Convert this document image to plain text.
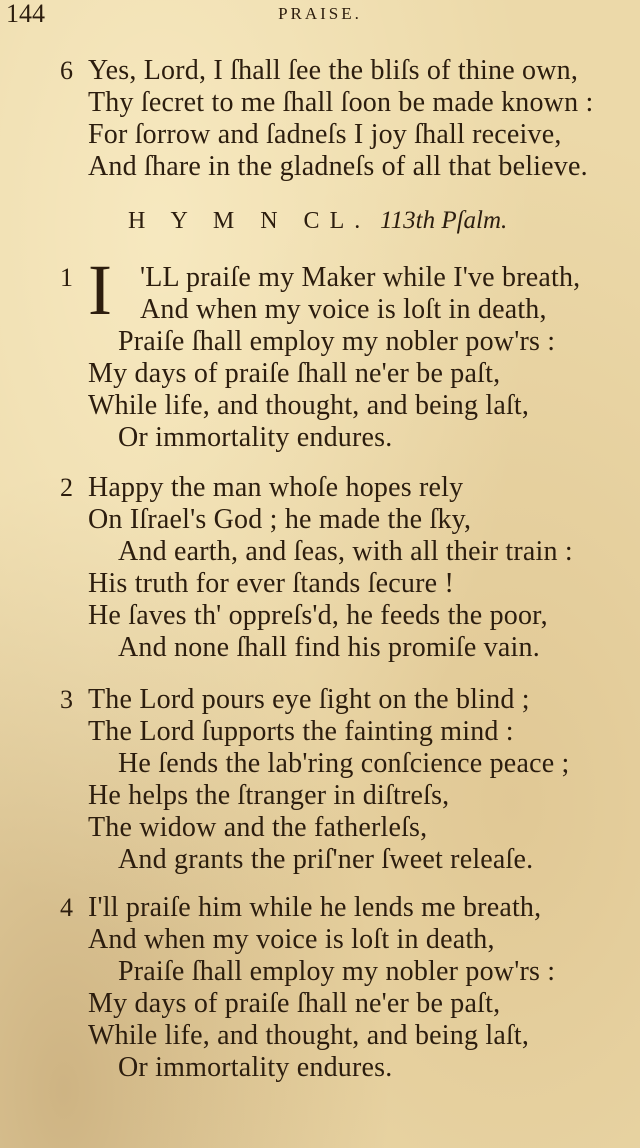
144	PRAISE.
6 Yes, Lord, I ſhall ſee the bliſs of thine own,
Thy ſecret to me ſhall ſoon be made known :
For ſorrow and ſadneſs I joy ſhall receive,
And ſhare in the gladneſs of all that believe.
H Y M N CL. 113th Pſalm.
1 I 'LL praiſe my Maker while I've breath,
And when my voice is loſt in death,
Praiſe ſhall employ my nobler pow'rs :
My days of praiſe ſhall ne'er be paſt,
While life, and thought, and being laſt,
Or immortality endures.
2 Happy the man whoſe hopes rely
On Iſrael's God ; he made the ſky,
And earth, and ſeas, with all their train :
His truth for ever ſtands ſecure !
He ſaves th' oppreſs'd, he feeds the poor,
And none ſhall find his promiſe vain.
3 The Lord pours eye ſight on the blind ;
The Lord ſupports the fainting mind :
He ſends the lab'ring conſcience peace ;
He helps the ſtranger in diſtreſs,
The widow and the fatherleſs,
And grants the priſ'ner ſweet releaſe.
4 I'll praiſe him while he lends me breath,
And when my voice is loſt in death,
Praiſe ſhall employ my nobler pow'rs :
My days of praiſe ſhall ne'er be paſt,
While life, and thought, and being laſt,
Or immortality endures.
